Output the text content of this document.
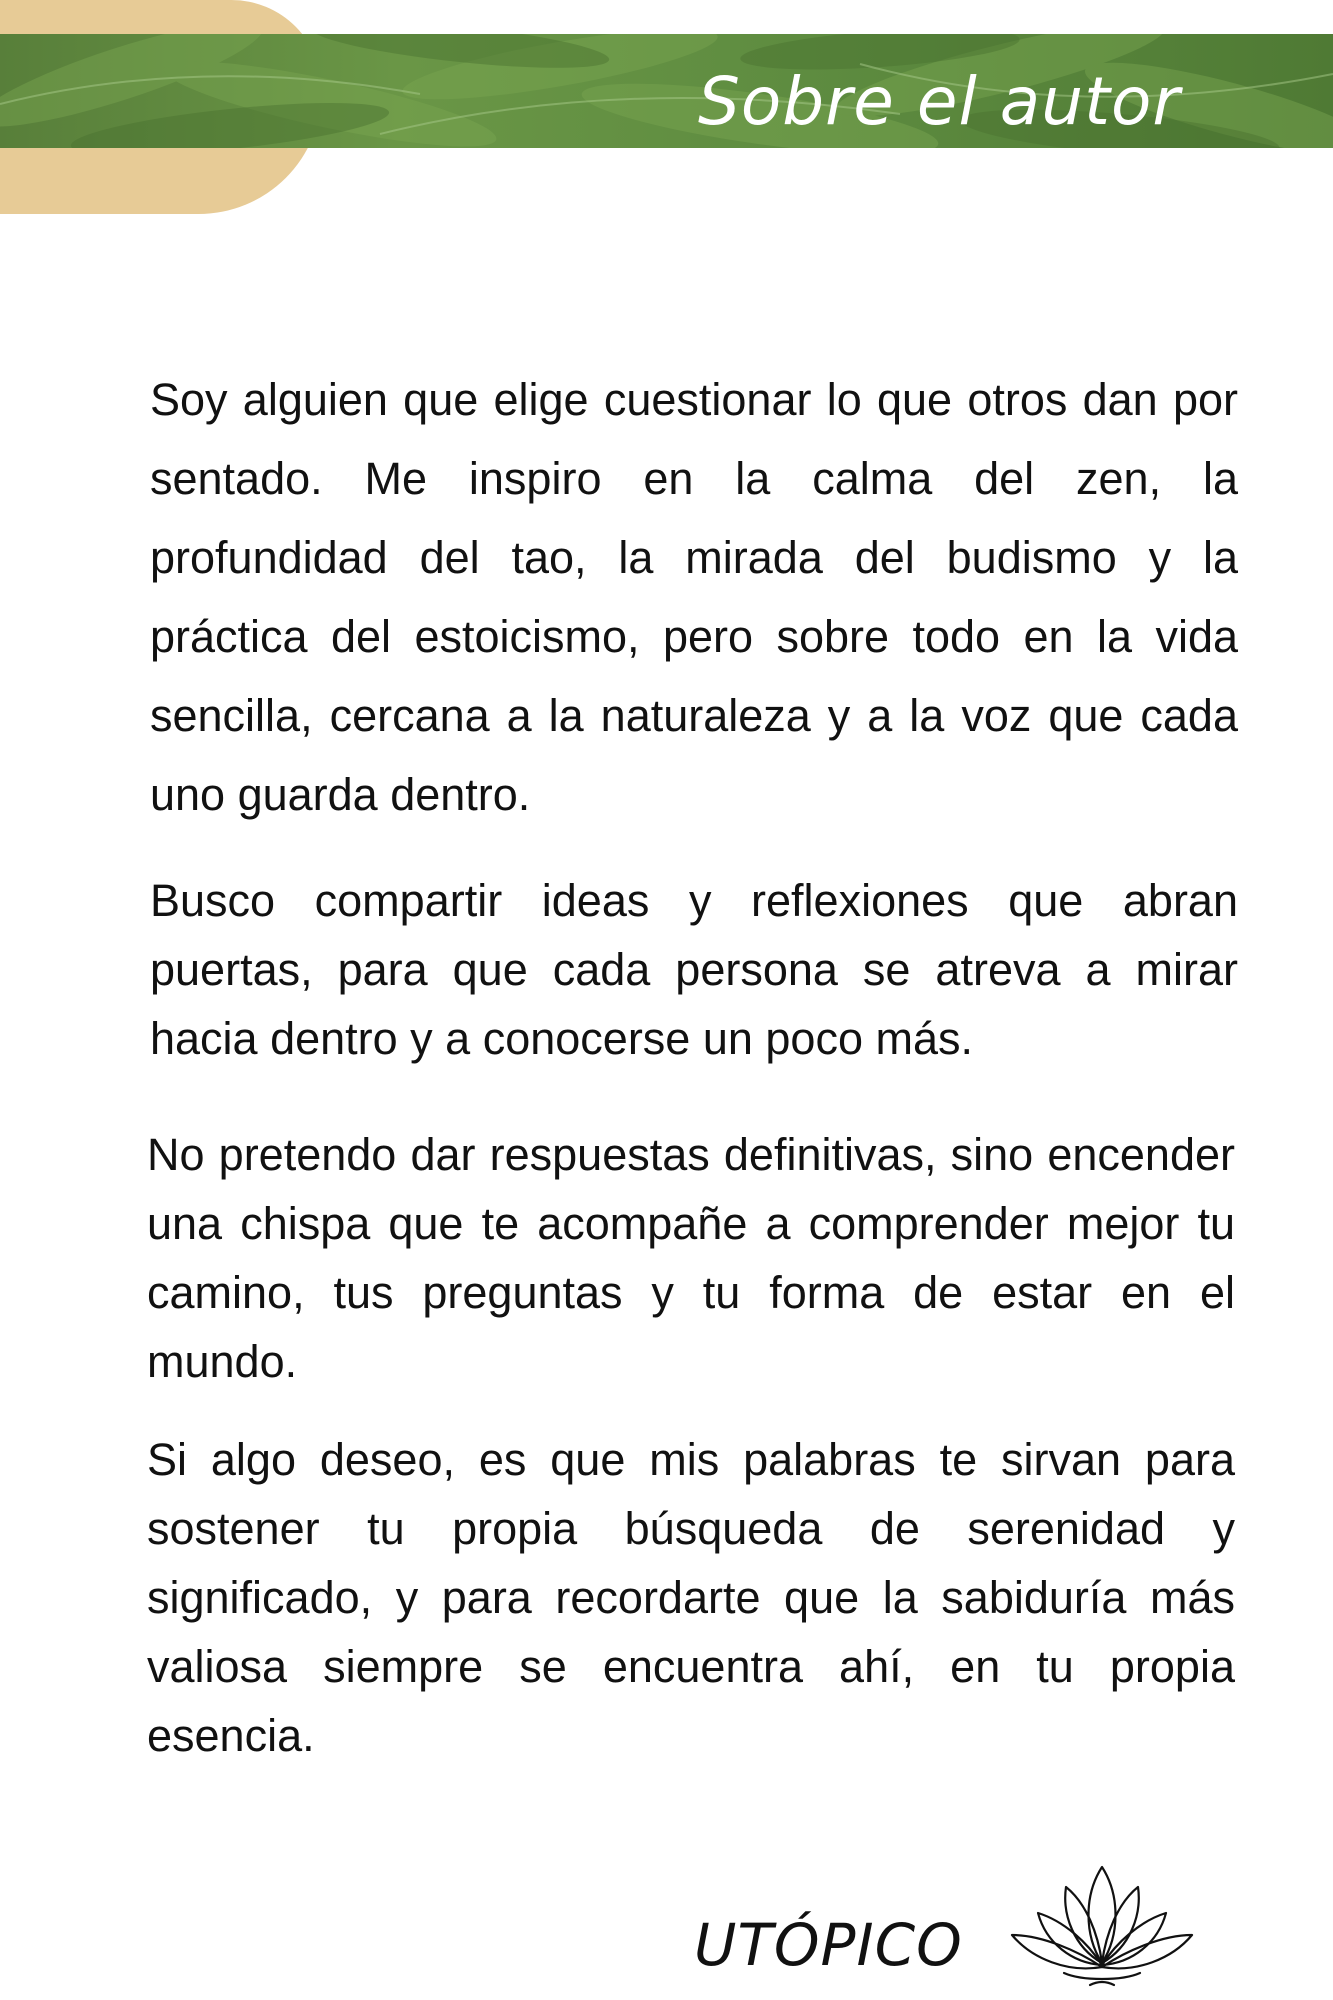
Sobre el autor

Soy alguien que elige cuestionar lo que otros dan por sentado. Me inspiro en la calma del zen, la profundidad del tao, la mirada del budismo y la práctica del estoicismo, pero sobre todo en la vida sencilla, cercana a la naturaleza y a la voz que cada uno guarda dentro.

Busco compartir ideas y reflexiones que abran puertas, para que cada persona se atreva a mirar hacia dentro y a conocerse un poco más.

No pretendo dar respuestas definitivas, sino encender una chispa que te acompañe a comprender mejor tu camino, tus preguntas y tu forma de estar en el mundo.

Si algo deseo, es que mis palabras te sirvan para sostener tu propia búsqueda de serenidad y significado, y para recordarte que la sabiduría más valiosa siempre se encuentra ahí, en tu propia esencia.

UTÓPICO
